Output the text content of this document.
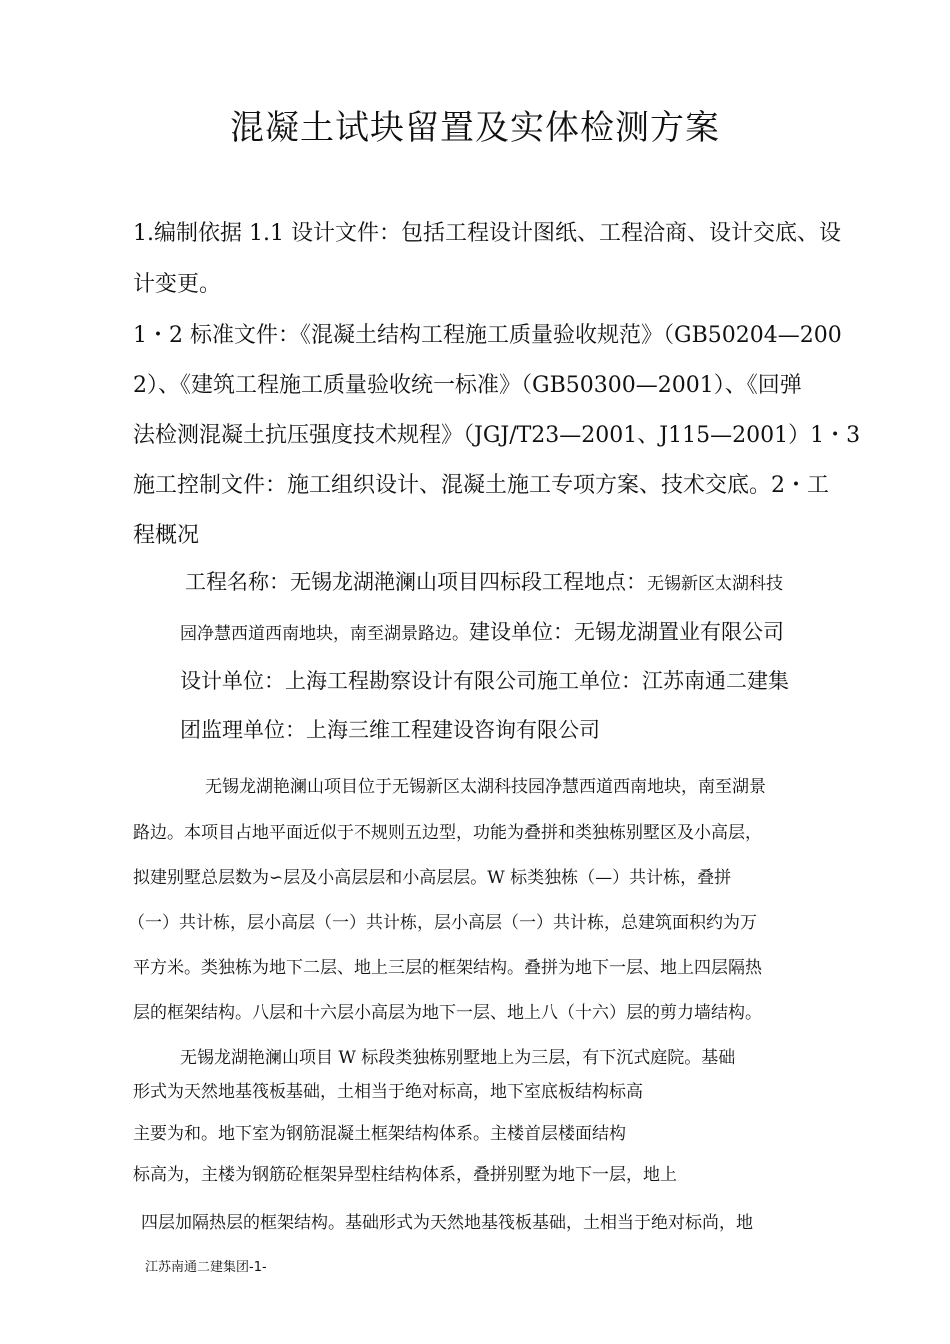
混凝土试块留置及实体检测方案
1.编制依据 1.1 设计文件：包括工程设计图纸、工程洽商、设计交底、设
计变更。
1・2 标准文件：《混凝土结构工程施工质量验收规范》（GB50204—200
2）、《建筑工程施工质量验收统一标准》（GB50300—2001）、《回弹
法检测混凝土抗压强度技术规程》（JGJ/T23—2001、J115—2001）1・3
施工控制文件：施工组织设计、混凝土施工专项方案、技术交底。2・工
程概况
工程名称：无锡龙湖滟澜山项目四标段工程地点：无锡新区太湖科技
园净慧西道西南地块，南至湖景路边。建设单位：无锡龙湖置业有限公司
设计单位：上海工程勘察设计有限公司施工单位：江苏南通二建集
团监理单位：上海三维工程建设咨询有限公司
无锡龙湖艳澜山项目位于无锡新区太湖科技园净慧西道西南地块，南至湖景
路边。本项目占地平面近似于不规则五边型，功能为叠拼和类独栋别墅区及小高层，
拟建别墅总层数为∽层及小高层层和小高层层。W 标类独栋（—）共计栋，叠拼
（一）共计栋，层小高层（一）共计栋，层小高层（一）共计栋，总建筑面积约为万
平方米。类独栋为地下二层、地上三层的框架结构。叠拼为地下一层、地上四层隔热
层的框架结构。八层和十六层小高层为地下一层、地上八（十六）层的剪力墙结构。
无锡龙湖艳澜山项目 W 标段类独栋别墅地上为三层，有下沉式庭院。基础
形式为天然地基筏板基础，土相当于绝对标高，地下室底板结构标高
主要为和。地下室为钢筋混凝土框架结构体系。主楼首层楼面结构
标高为，主楼为钢筋砼框架异型柱结构体系，叠拼别墅为地下一层，地上
四层加隔热层的框架结构。基础形式为天然地基筏板基础，土相当于绝对标尚，地
江苏南通二建集团-1-
